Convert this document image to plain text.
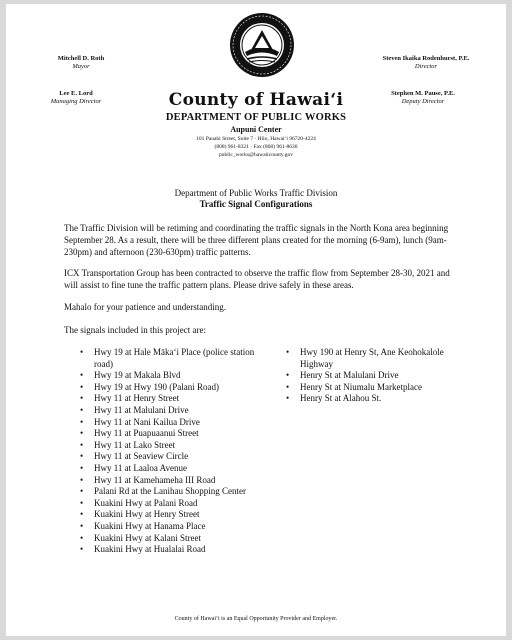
Mitchell D. Roth
Mayor
Lee E. Lord
Managing Director
Steven Ikaika Rodenhurst, P.E.
Director
Stephen M. Pause, P.E.
Deputy Director
County of Hawai‘i
DEPARTMENT OF PUBLIC WORKS
Aupuni Center
101 Pauahi Street, Suite 7 · Hilo, Hawai‘i 96720-4224
(808) 961-8321 · Fax (808) 961-8630
public_works@hawaiicounty.gov
Department of Public Works Traffic Division
Traffic Signal Configurations
The Traffic Division will be retiming and coordinating the traffic signals in the North Kona area beginning September 28. As a result, there will be three different plans created for the morning (6-9am), lunch (9am-230pm) and afternoon (230-630pm) traffic patterns.
ICX Transportation Group has been contracted to observe the traffic flow from September 28-30, 2021 and will assist to fine tune the traffic pattern plans. Please drive safely in these areas.
Mahalo for your patience and understanding.
The signals included in this project are:
• Hwy 19 at Hale Mākaʻi Place (police station road)
• Hwy 19 at Makala Blvd
• Hwy 19 at Hwy 190 (Palani Road)
• Hwy 11 at Henry Street
• Hwy 11 at Malulani Drive
• Hwy 11 at Nani Kailua Drive
• Hwy 11 at Puapuaanui Street
• Hwy 11 at Lako Street
• Hwy 11 at Seaview Circle
• Hwy 11 at Laaloa Avenue
• Hwy 11 at Kamehameha III Road
• Palani Rd at the Lanihau Shopping Center
• Kuakini Hwy at Palani Road
• Kuakini Hwy at Henry Street
• Kuakini Hwy at Hanama Place
• Kuakini Hwy at Kalani Street
• Kuakini Hwy at Hualalai Road
• Hwy 190 at Henry St, Ane Keohokalole Highway
• Henry St at Malulani Drive
• Henry St at Niumalu Marketplace
• Henry St at Alahou St.
County of Hawai‘i is an Equal Opportunity Provider and Employer.
